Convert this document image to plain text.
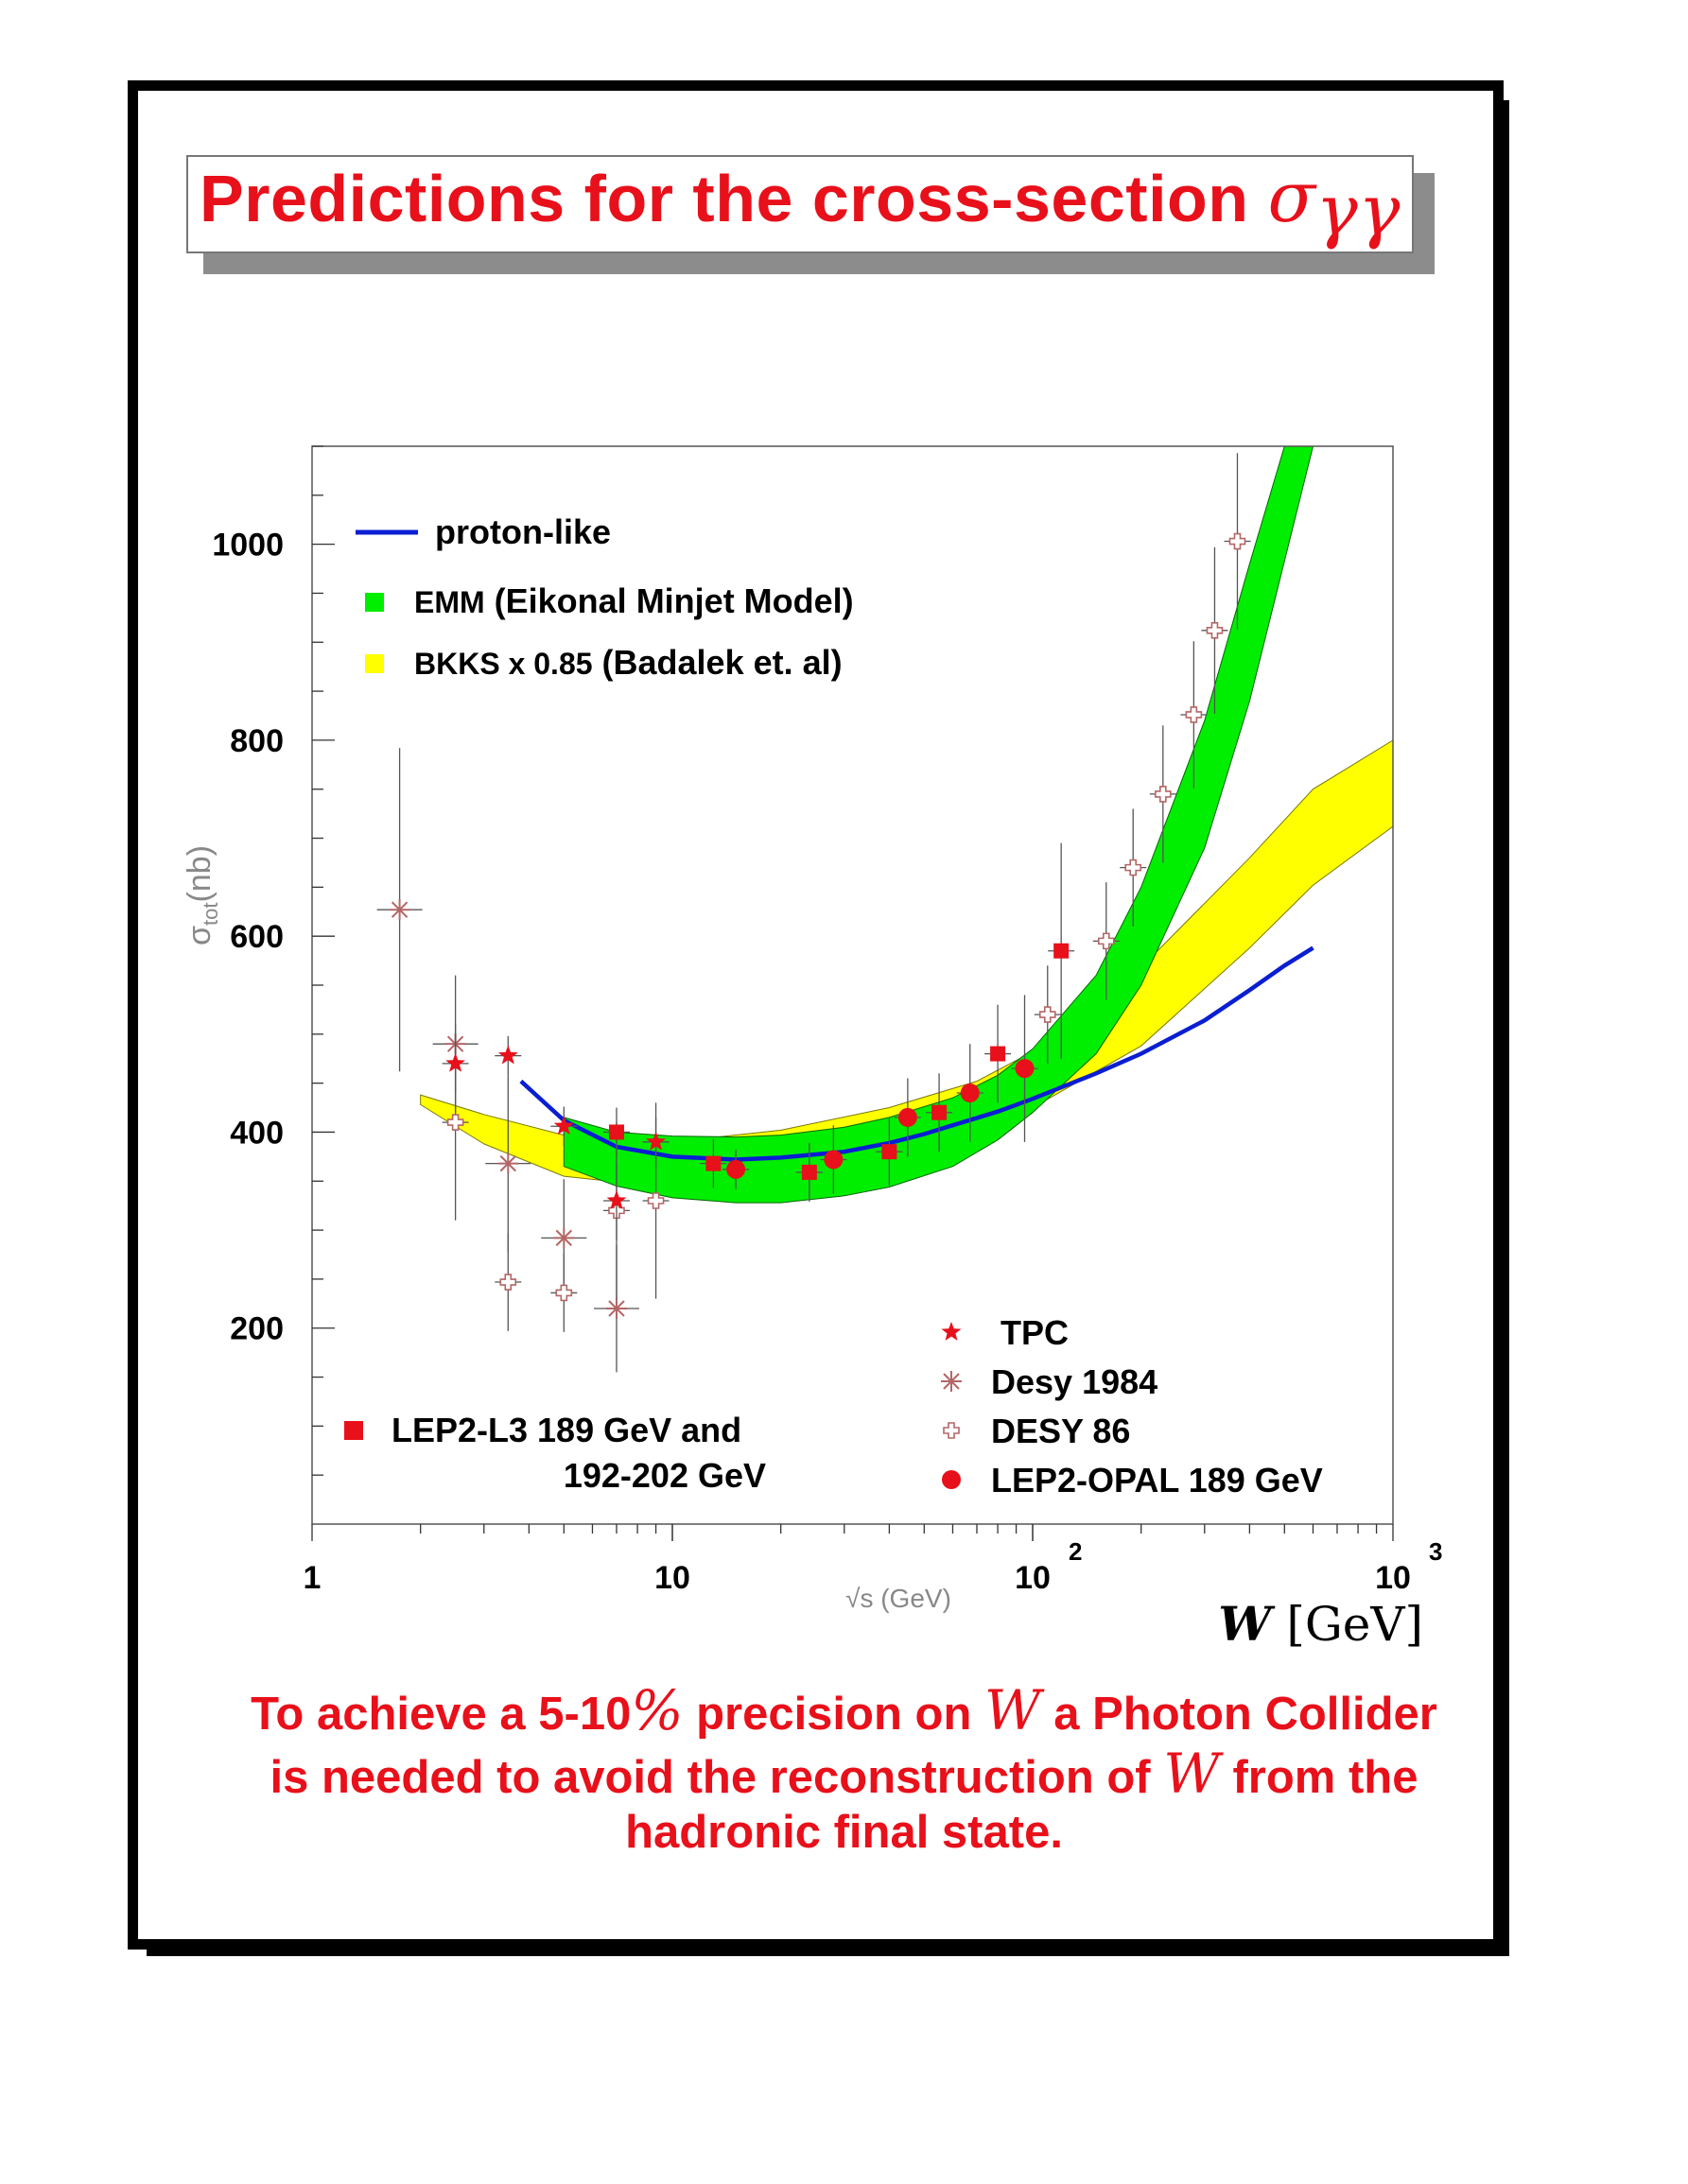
Predictions for the cross-section $\sigma_{\gamma\gamma}$
200
400
600
800
1000
1	10	10
2
10
3
√s (GeV)	W [GeV]
$\sigma_{tot}(nb)$
proton-like
EMM (Eikonal Minjet Model)
BKKS x 0.85 (Badalek et. al)
LEP2-L3 189 GeV and
192-202 GeV
TPC
Desy 1984
DESY 86
LEP2-OPAL 189 GeV
To achieve a 5-10% precision on W a Photon Collider
is needed to avoid the reconstruction of W from the
hadronic final state.
